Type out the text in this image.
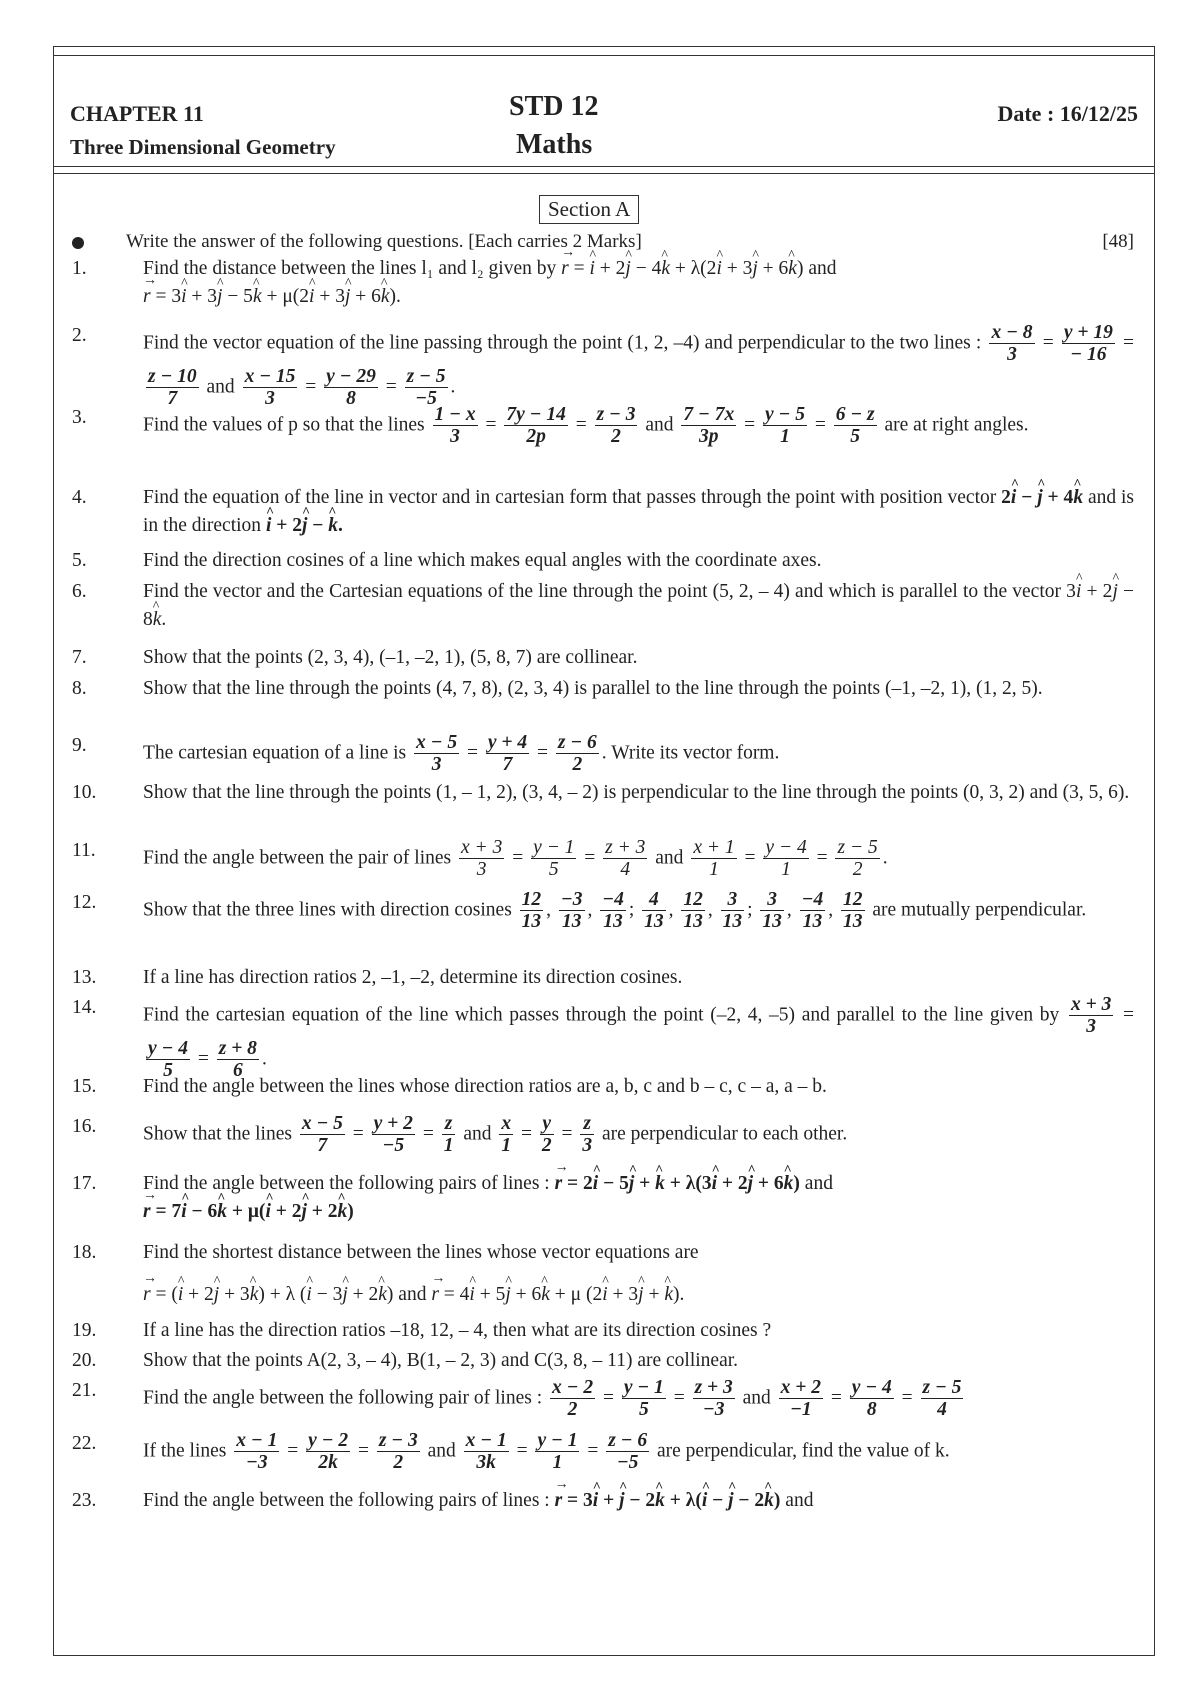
CHAPTER 11
Three Dimensional Geometry
STD 12
Maths
Date : 16/12/25
Section A
Write the answer of the following questions. [Each carries 2 Marks]	[48]
1.	Find the distance between the lines l₁ and l₂ given by → r = ^ i + 2^ j − 4^ k + λ(2^ i + 3^ j + 6^ k) and
→ r = 3^ i + 3^ j − 5^ k + μ(2^ i + 3^ j + 6^ k).
2.	Find the vector equation of the line passing through the point (1, 2, –4) and perpendicular to the two lines : $\frac{x - 8}{3} = \frac{y + 19}{- 16}$ =
$\frac{z - 10}{7}$ and $\frac{x - 15}{3} = \frac{y - 29}{8} = \frac{z - 5}{-5}$ .
3.	Find the values of p so that the lines $\frac{1 - x}{3} = \frac{7y - 14}{2p} = \frac{z - 3}{2}$ and $\frac{7 - 7x}{3p} = \frac{y - 5}{1} = \frac{6 - z}{5}$ are at right angles.
4.	Find the equation of the line in vector and in cartesian form that passes through the point with position vector 2^ i − ^ j + 4^ k and is in the direction ^ i + 2^ j − ^ k.
5.	Find the direction cosines of a line which makes equal angles with the coordinate axes.
6.	Find the vector and the Cartesian equations of the line through the point (5, 2, – 4) and which is parallel to the vector 3^ i + 2^ j − 8^ k.
7.	Show that the points (2, 3, 4), (–1, –2, 1), (5, 8, 7) are collinear.
8.	Show that the line through the points (4, 7, 8), (2, 3, 4) is parallel to the line through the points (–1, –2, 1), (1, 2, 5).
9.	The cartesian equation of a line is $\frac{x - 5}{3} = \frac{y + 4}{7} = \frac{z - 6}{2}$ . Write its vector form.
10.	Show that the line through the points (1, – 1, 2), (3, 4, – 2) is perpendicular to the line through the points (0, 3, 2) and (3, 5, 6).
11.	Find the angle between the pair of lines $\frac{x + 3}{3} = \frac{y - 1}{5} = \frac{z + 3}{4}$ and $\frac{x + 1}{1} = \frac{y - 4}{1} = \frac{z - 5}{2}$ .
12.	Show that the three lines with direction cosines $\frac{12}{13}$ , $\frac{-3}{13}$ , $\frac{-4}{13}$ ; $\frac{4}{13}$ , $\frac{12}{13}$ , $\frac{3}{13}$ ; $\frac{3}{13}$ , $\frac{-4}{13}$ , $\frac{12}{13}$ are mutually perpendicular.
13.	If a line has direction ratios 2, –1, –2, determine its direction cosines.
14.	Find the cartesian equation of the line which passes through the point (–2, 4, –5) and parallel to the line given by $\frac{x + 3}{3}$ =
$\frac{y - 4}{5} = \frac{z + 8}{6}$ .
15.	Find the angle between the lines whose direction ratios are a, b, c and b – c, c – a, a – b.
16.	Show that the lines $\frac{x - 5}{7} = \frac{y + 2}{-5} = \frac{z}{1}$ and $\frac{x}{1} = \frac{y}{2} = \frac{z}{3}$ are perpendicular to each other.
17.	Find the angle between the following pairs of lines : → r = 2^ i − 5^ j + ^ k + λ(3^ i + 2^ j + 6^ k) and
→ r = 7^ i − 6^ k + μ(^ i + 2^ j + 2^ k)
18.	Find the shortest distance between the lines whose vector equations are
→ r = (^ i + 2^ j + 3^ k) + λ (^ i − 3^ j + 2^ k) and → r = 4^ i + 5^ j + 6^ k + μ (2^ i + 3^ j + ^ k).
19.	If a line has the direction ratios –18, 12, – 4, then what are its direction cosines ?
20.	Show that the points A(2, 3, – 4), B(1, – 2, 3) and C(3, 8, – 11) are collinear.
21.	Find the angle between the following pair of lines : $\frac{x - 2}{2} = \frac{y - 1}{5} = \frac{z + 3}{-3}$ and $\frac{x + 2}{-1} = \frac{y - 4}{8} = \frac{z - 5}{4}$
22.	If the lines $\frac{x - 1}{-3} = \frac{y - 2}{2k} = \frac{z - 3}{2}$ and $\frac{x - 1}{3k} = \frac{y - 1}{1} = \frac{z - 6}{-5}$ are perpendicular, find the value of k.
23.	Find the angle between the following pairs of lines : → r = 3^ i + ^ j − 2^ k + λ(^ i − ^ j − 2^ k) and
